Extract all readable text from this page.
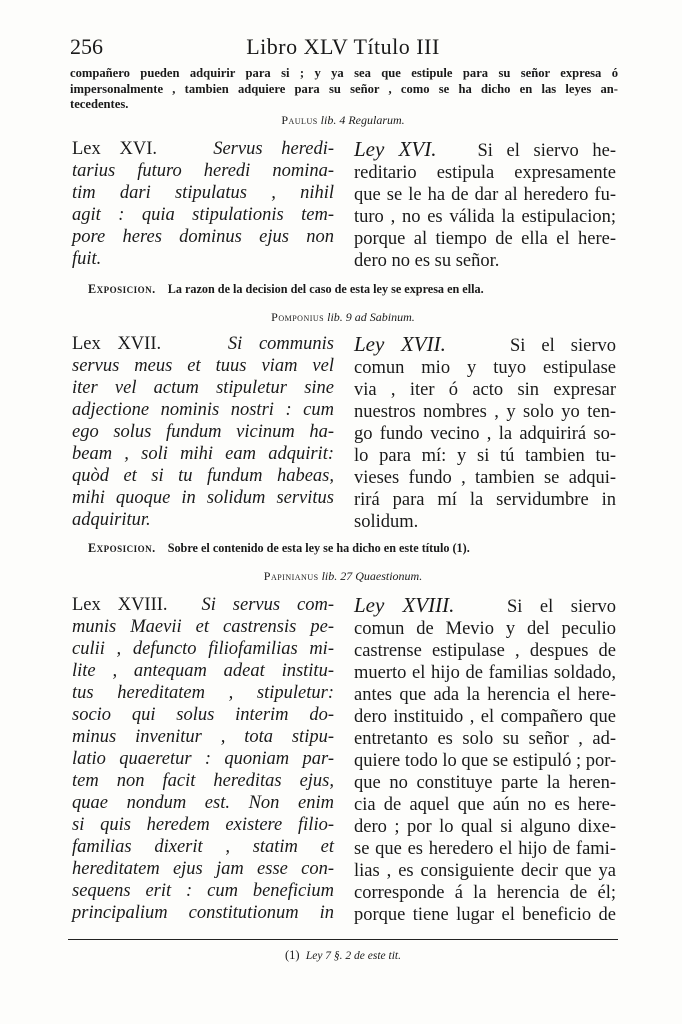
256	Libro XLV Título III
compañero pueden adquirir para si ; y ya sea que estipule para su señor expresa ó
impersonalmente , tambien adquiere para su señor , como se ha dicho en las leyes an-
tecedentes.
Paulus lib. 4 Regularum.
Lex XVI.	Servus heredi-
tarius futuro heredi nomina-
tim dari stipulatus , nihil
agit : quia stipulationis tem-
pore heres dominus ejus non
fuit.
Ley XVI. Si el siervo he-
reditario estipula expresamente
que se le ha de dar al heredero fu-
turo , no es válida la estipulacion;
porque al tiempo de ella el here-
dero no es su señor.
Exposicion. La razon de la decision del caso de esta ley se expresa en ella.
Pomponius lib. 9 ad Sabinum.
Lex XVII.	Si communis
servus meus et tuus viam vel
iter vel actum stipuletur sine
adjectione nominis nostri : cum
ego solus fundum vicinum ha-
beam , soli mihi eam adquirit:
quòd et si tu fundum habeas,
mihi quoque in solidum servitus
adquiritur.
Ley XVII.	Si el siervo
comun mio y tuyo estipulase
via , iter ó acto sin expresar
nuestros nombres , y solo yo ten-
go fundo vecino , la adquirirá so-
lo para mí: y si tú tambien tu-
vieses fundo , tambien se adqui-
rirá para mí la servidumbre in
solidum.
Exposicion. Sobre el contenido de esta ley se ha dicho en este título (1).
Papinianus lib. 27 Quaestionum.
Lex XVIII. Si servus com-
munis Maevii et castrensis pe-
culii , defuncto filiofamilias mi-
lite , antequam adeat institu-
tus hereditatem , stipuletur:
socio qui solus interim do-
minus invenitur , tota stipu-
latio quaeretur : quoniam par-
tem non facit hereditas ejus,
quae nondum est. Non enim
si quis heredem existere filio-
familias dixerit , statim et
hereditatem ejus jam esse con-
sequens erit : cum beneficium
principalium constitutionum in
Ley XVIII.	Si el siervo
comun de Mevio y del peculio
castrense estipulase , despues de
muerto el hijo de familias soldado,
antes que ada la herencia el here-
dero instituido , el compañero que
entretanto es solo su señor , ad-
quiere todo lo que se estipuló ; por-
que no constituye parte la heren-
cia de aquel que aún no es here-
dero ; por lo qual si alguno dixe-
se que es heredero el hijo de fami-
lias , es consiguiente decir que ya
corresponde á la herencia de él;
porque tiene lugar el beneficio de
(1) Ley 7 §. 2 de este tit.
